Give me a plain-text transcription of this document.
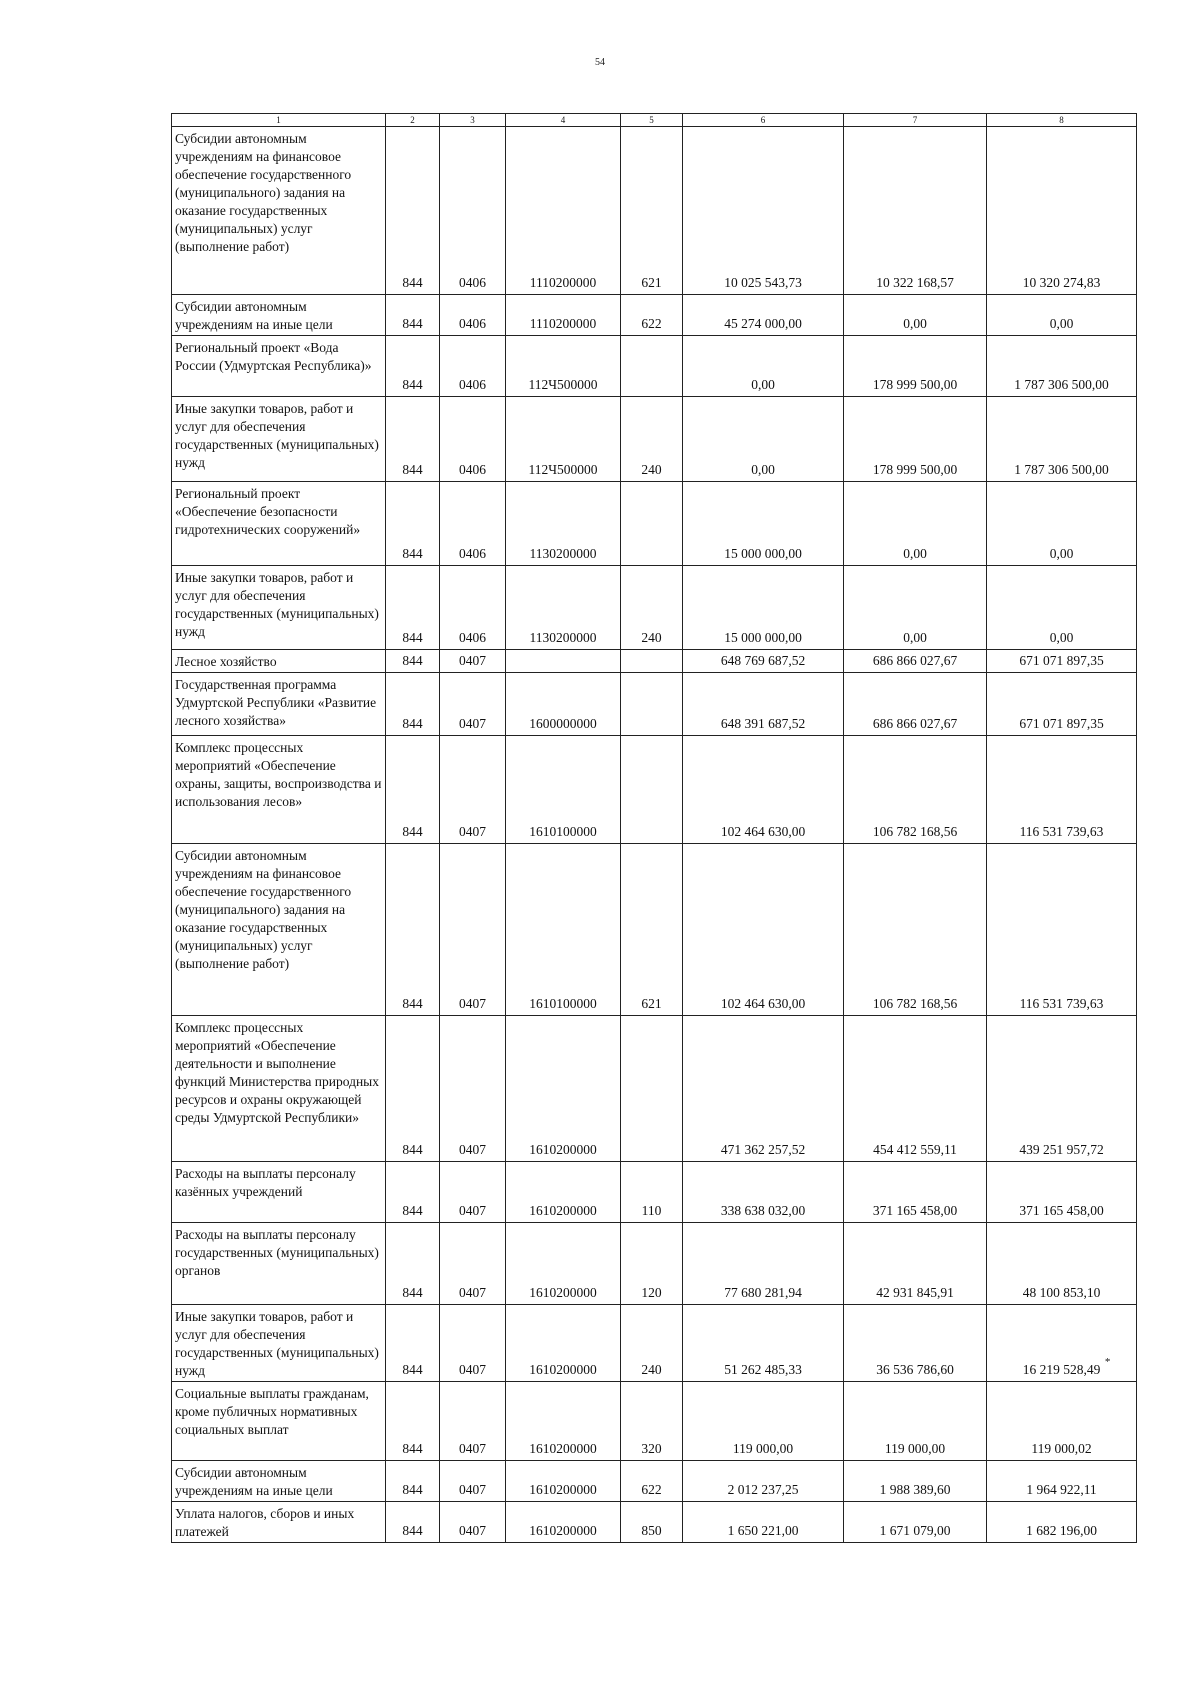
54
1	2	3	4	5	6	7	8
Субсидии автономным учреждениям на финансовое обеспечение государственного (муниципального) задания на оказание государственных (муниципальных) услуг (выполнение работ)	844	0406	1110200000	621	10 025 543,73	10 322 168,57	10 320 274,83
Субсидии автономным учреждениям на иные цели	844	0406	1110200000	622	45 274 000,00	0,00	0,00
Региональный проект «Вода России (Удмуртская Республика)»	844	0406	112Ч500000		0,00	178 999 500,00	1 787 306 500,00
Иные закупки товаров, работ и услуг для обеспечения государственных (муниципальных) нужд	844	0406	112Ч500000	240	0,00	178 999 500,00	1 787 306 500,00
Региональный проект «Обеспечение безопасности гидротехнических сооружений»	844	0406	1130200000		15 000 000,00	0,00	0,00
Иные закупки товаров, работ и услуг для обеспечения государственных (муниципальных) нужд	844	0406	1130200000	240	15 000 000,00	0,00	0,00
Лесное хозяйство	844	0407			648 769 687,52	686 866 027,67	671 071 897,35
Государственная программа Удмуртской Республики «Развитие лесного хозяйства»	844	0407	1600000000		648 391 687,52	686 866 027,67	671 071 897,35
Комплекс процессных мероприятий «Обеспечение охраны, защиты, воспроизводства и использования лесов»	844	0407	1610100000		102 464 630,00	106 782 168,56	116 531 739,63
Субсидии автономным учреждениям на финансовое обеспечение государственного (муниципального) задания на оказание государственных (муниципальных) услуг (выполнение работ)	844	0407	1610100000	621	102 464 630,00	106 782 168,56	116 531 739,63
Комплекс процессных мероприятий «Обеспечение деятельности и выполнение функций Министерства природных ресурсов и охраны окружающей среды Удмуртской Республики»	844	0407	1610200000		471 362 257,52	454 412 559,11	439 251 957,72
Расходы на выплаты персоналу казённых учреждений	844	0407	1610200000	110	338 638 032,00	371 165 458,00	371 165 458,00
Расходы на выплаты персоналу государственных (муниципальных) органов	844	0407	1610200000	120	77 680 281,94	42 931 845,91	48 100 853,10
Иные закупки товаров, работ и услуг для обеспечения государственных (муниципальных) нужд	844	0407	1610200000	240	51 262 485,33	36 536 786,60	16 219 528,49 *

Социальные выплаты гражданам, кроме публичных нормативных социальных выплат	844	0407	1610200000	320	119 000,00	119 000,00	119 000,02
Субсидии автономным учреждениям на иные цели	844	0407	1610200000	622	2 012 237,25	1 988 389,60	1 964 922,11
Уплата налогов, сборов и иных платежей	844	0407	1610200000	850	1 650 221,00	1 671 079,00	1 682 196,00
